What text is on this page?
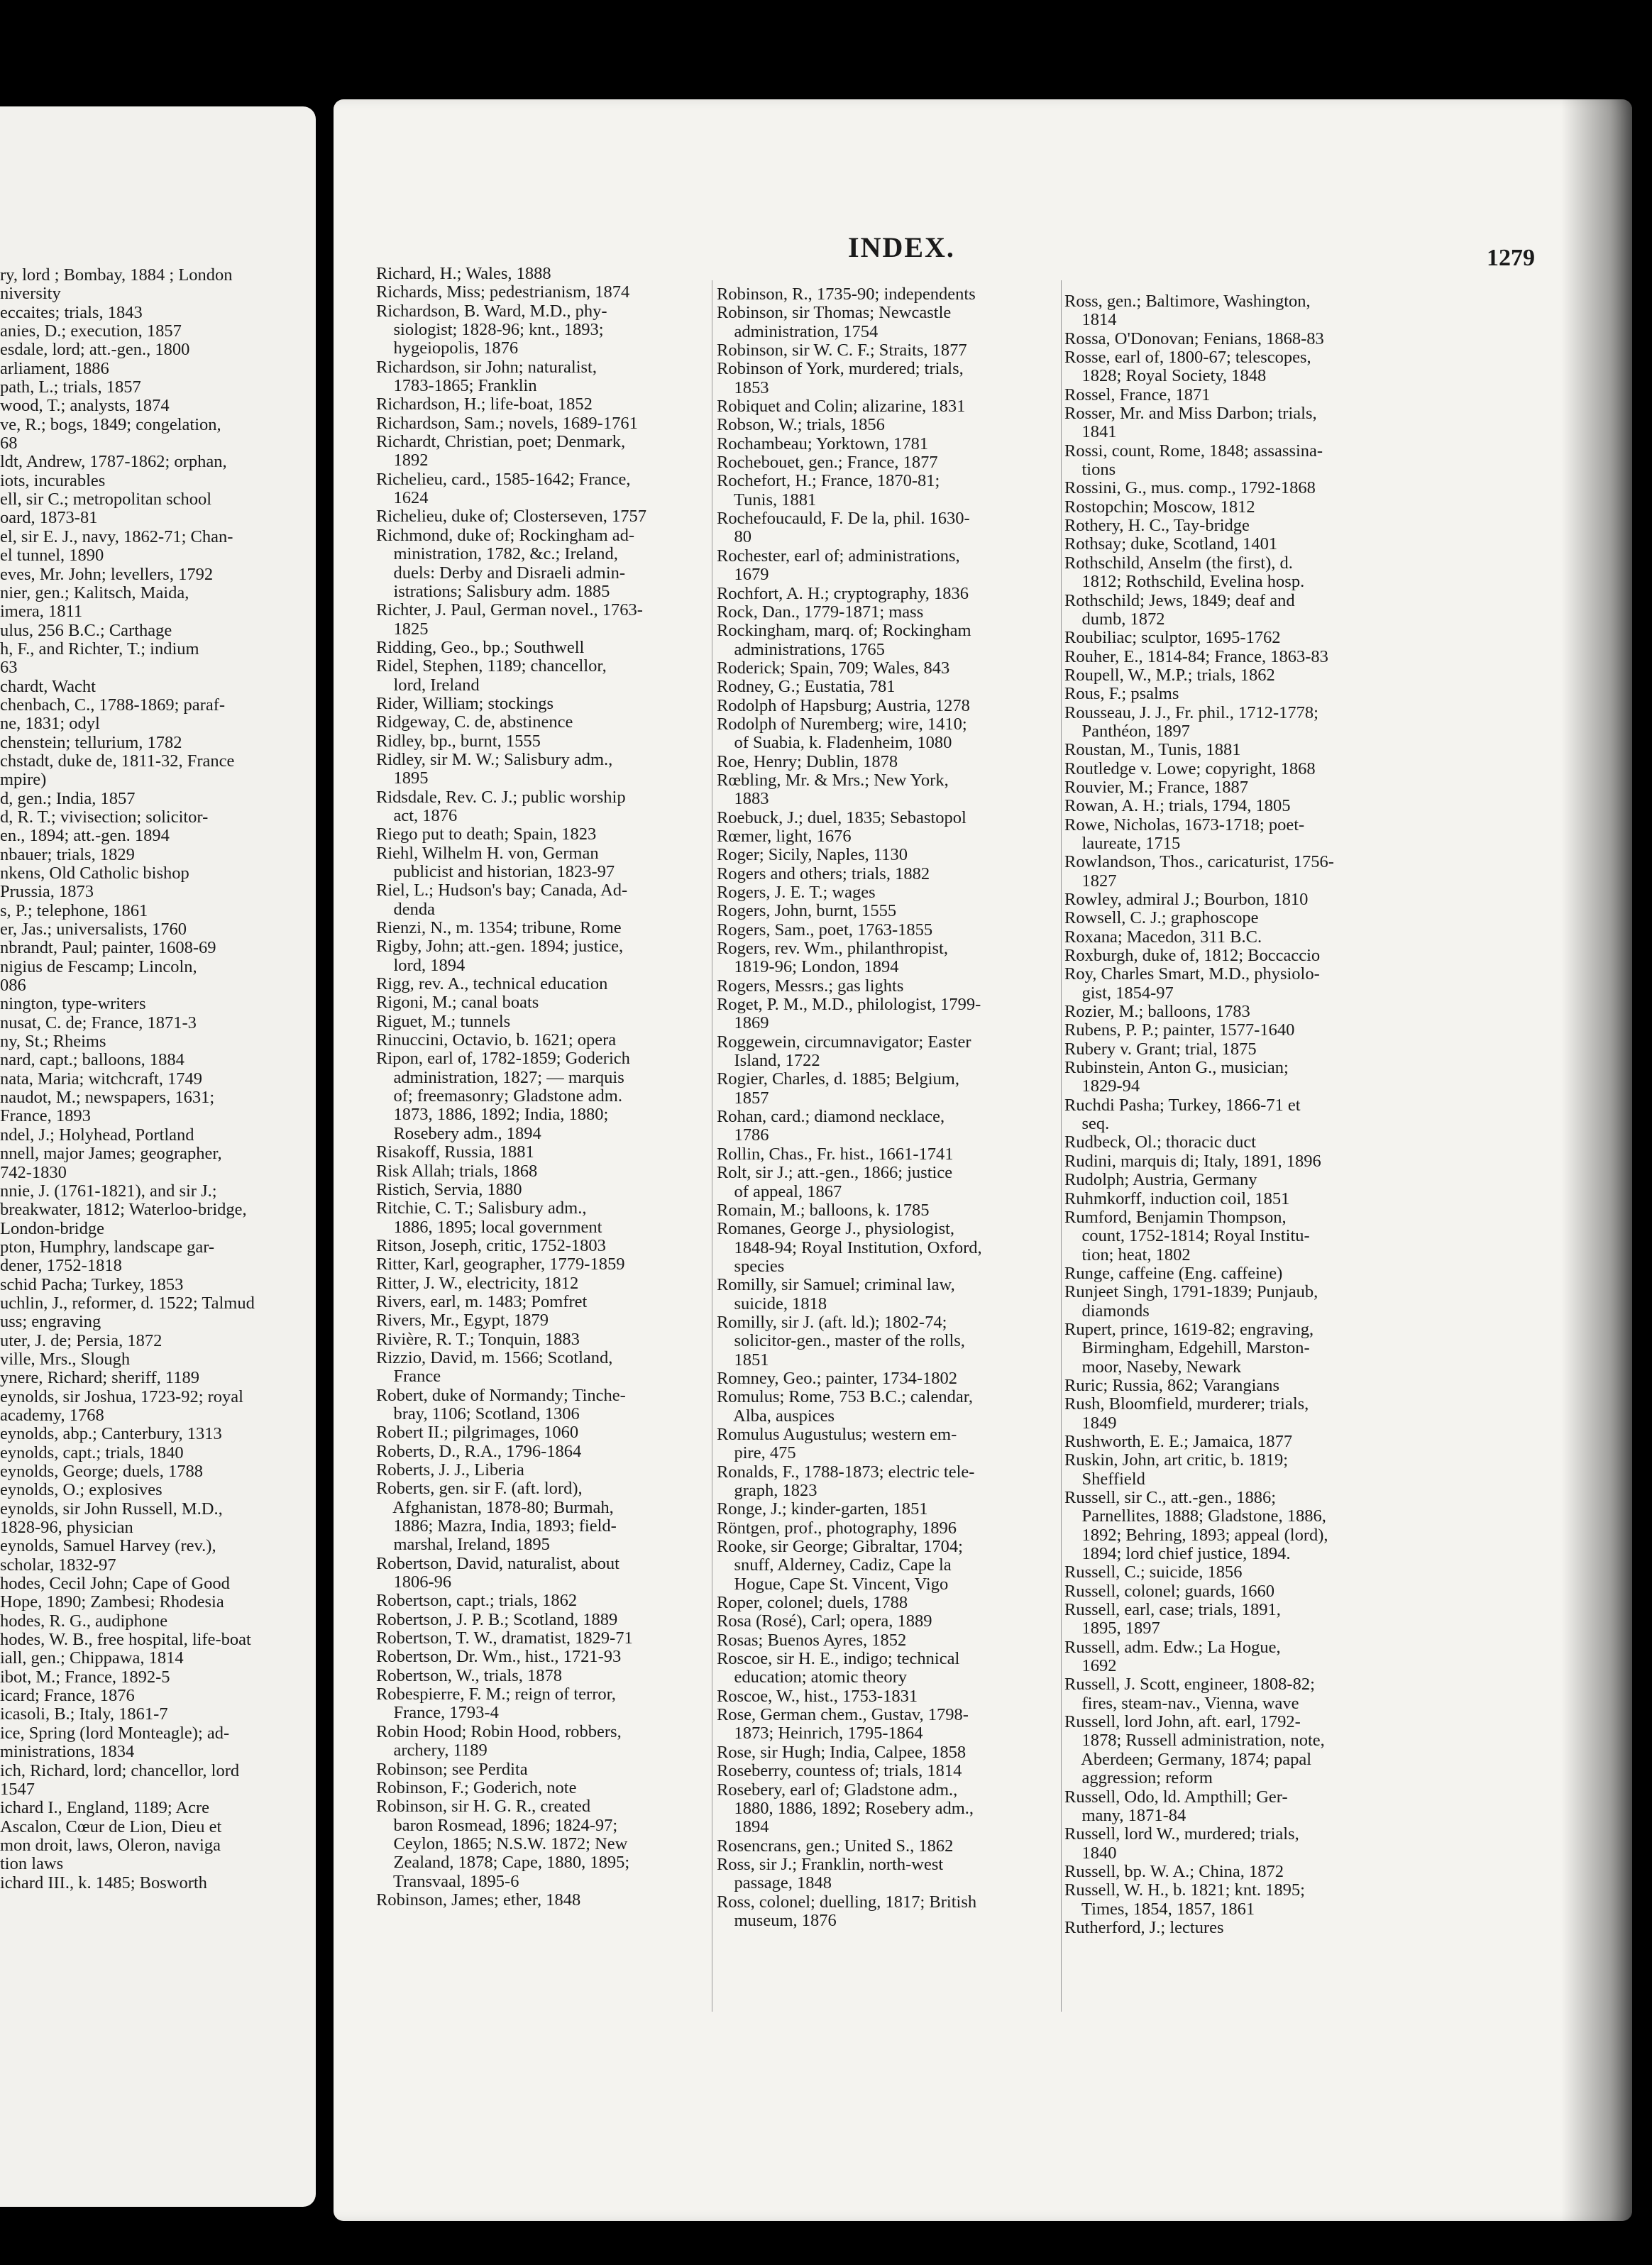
ry, lord ; Bombay, 1884 ; London
niversity
eccaites; trials, 1843
anies, D.; execution, 1857
esdale, lord; att.-gen., 1800
arliament, 1886
path, L.; trials, 1857
wood, T.; analysts, 1874
ve, R.; bogs, 1849; congelation,
68
ldt, Andrew, 1787-1862; orphan,
iots, incurables
ell, sir C.; metropolitan school
oard, 1873-81
el, sir E. J., navy, 1862-71; Chan-
el tunnel, 1890
eves, Mr. John; levellers, 1792
nier, gen.; Kalitsch, Maida,
imera, 1811
ulus, 256 B.C.; Carthage
h, F., and Richter, T.; indium
63
chardt, Wacht
chenbach, C., 1788-1869; paraf-
ne, 1831; odyl
chenstein; tellurium, 1782
chstadt, duke de, 1811-32, France
mpire)
d, gen.; India, 1857
d, R. T.; vivisection; solicitor-
en., 1894; att.-gen. 1894
nbauer; trials, 1829
nkens, Old Catholic bishop
Prussia, 1873
s, P.; telephone, 1861
er, Jas.; universalists, 1760
nbrandt, Paul; painter, 1608-69
nigius de Fescamp; Lincoln,
086
nington, type-writers
nusat, C. de; France, 1871-3
ny, St.; Rheims
nard, capt.; balloons, 1884
nata, Maria; witchcraft, 1749
naudot, M.; newspapers, 1631;
France, 1893
ndel, J.; Holyhead, Portland
nnell, major James; geographer,
742-1830
nnie, J. (1761-1821), and sir J.;
breakwater, 1812; Waterloo-bridge,
London-bridge
pton, Humphry, landscape gar-
dener, 1752-1818
schid Pacha; Turkey, 1853
uchlin, J., reformer, d. 1522; Talmud
uss; engraving
uter, J. de; Persia, 1872
ville, Mrs., Slough
ynere, Richard; sheriff, 1189
eynolds, sir Joshua, 1723-92; royal
academy, 1768
eynolds, abp.; Canterbury, 1313
eynolds, capt.; trials, 1840
eynolds, George; duels, 1788
eynolds, O.; explosives
eynolds, sir John Russell, M.D.,
1828-96, physician
eynolds, Samuel Harvey (rev.),
scholar, 1832-97
hodes, Cecil John; Cape of Good
Hope, 1890; Zambesi; Rhodesia
hodes, R. G., audiphone
hodes, W. B., free hospital, life-boat
iall, gen.; Chippawa, 1814
ibot, M.; France, 1892-5
icard; France, 1876
icasoli, B.; Italy, 1861-7
ice, Spring (lord Monteagle); ad-
ministrations, 1834
ich, Richard, lord; chancellor, lord
1547
ichard I., England, 1189; Acre
Ascalon, Cœur de Lion, Dieu et
mon droit, laws, Oleron, naviga
tion laws
ichard III., k. 1485; Bosworth
INDEX.	1279
Richard, H.; Wales, 1888
Richards, Miss; pedestrianism, 1874
Richardson, B. Ward, M.D., phy-
siologist; 1828-96; knt., 1893;
hygeiopolis, 1876
Richardson, sir John; naturalist,
1783-1865; Franklin
Richardson, H.; life-boat, 1852
Richardson, Sam.; novels, 1689-1761
Richardt, Christian, poet; Denmark,
1892
Richelieu, card., 1585-1642; France,
1624
Richelieu, duke of; Closterseven, 1757
Richmond, duke of; Rockingham ad-
ministration, 1782, &c.; Ireland,
duels: Derby and Disraeli admin-
istrations; Salisbury adm. 1885
Richter, J. Paul, German novel., 1763-
1825
Ridding, Geo., bp.; Southwell
Ridel, Stephen, 1189; chancellor,
lord, Ireland
Rider, William; stockings
Ridgeway, C. de, abstinence
Ridley, bp., burnt, 1555
Ridley, sir M. W.; Salisbury adm.,
1895
Ridsdale, Rev. C. J.; public worship
act, 1876
Riego put to death; Spain, 1823
Riehl, Wilhelm H. von, German
publicist and historian, 1823-97
Riel, L.; Hudson's bay; Canada, Ad-
denda
Rienzi, N., m. 1354; tribune, Rome
Rigby, John; att.-gen. 1894; justice,
lord, 1894
Rigg, rev. A., technical education
Rigoni, M.; canal boats
Riguet, M.; tunnels
Rinuccini, Octavio, b. 1621; opera
Ripon, earl of, 1782-1859; Goderich
administration, 1827; — marquis
of; freemasonry; Gladstone adm.
1873, 1886, 1892; India, 1880;
Rosebery adm., 1894
Risakoff, Russia, 1881
Risk Allah; trials, 1868
Ristich, Servia, 1880
Ritchie, C. T.; Salisbury adm.,
1886, 1895; local government
Ritson, Joseph, critic, 1752-1803
Ritter, Karl, geographer, 1779-1859
Ritter, J. W., electricity, 1812
Rivers, earl, m. 1483; Pomfret
Rivers, Mr., Egypt, 1879
Rivière, R. T.; Tonquin, 1883
Rizzio, David, m. 1566; Scotland,
France
Robert, duke of Normandy; Tinche-
bray, 1106; Scotland, 1306
Robert II.; pilgrimages, 1060
Roberts, D., R.A., 1796-1864
Roberts, J. J., Liberia
Roberts, gen. sir F. (aft. lord),
Afghanistan, 1878-80; Burmah,
1886; Mazra, India, 1893; field-
marshal, Ireland, 1895
Robertson, David, naturalist, about
1806-96
Robertson, capt.; trials, 1862
Robertson, J. P. B.; Scotland, 1889
Robertson, T. W., dramatist, 1829-71
Robertson, Dr. Wm., hist., 1721-93
Robertson, W., trials, 1878
Robespierre, F. M.; reign of terror,
France, 1793-4
Robin Hood; Robin Hood, robbers,
archery, 1189
Robinson; see Perdita
Robinson, F.; Goderich, note
Robinson, sir H. G. R., created
baron Rosmead, 1896; 1824-97;
Ceylon, 1865; N.S.W. 1872; New
Zealand, 1878; Cape, 1880, 1895;
Transvaal, 1895-6
Robinson, James; ether, 1848
Robinson, R., 1735-90; independents
Robinson, sir Thomas; Newcastle
administration, 1754
Robinson, sir W. C. F.; Straits, 1877
Robinson of York, murdered; trials,
1853
Robiquet and Colin; alizarine, 1831
Robson, W.; trials, 1856
Rochambeau; Yorktown, 1781
Rochebouet, gen.; France, 1877
Rochefort, H.; France, 1870-81;
Tunis, 1881
Rochefoucauld, F. De la, phil. 1630-
80
Rochester, earl of; administrations,
1679
Rochfort, A. H.; cryptography, 1836
Rock, Dan., 1779-1871; mass
Rockingham, marq. of; Rockingham
administrations, 1765
Roderick; Spain, 709; Wales, 843
Rodney, G.; Eustatia, 781
Rodolph of Hapsburg; Austria, 1278
Rodolph of Nuremberg; wire, 1410;
of Suabia, k. Fladenheim, 1080
Roe, Henry; Dublin, 1878
Rœbling, Mr. & Mrs.; New York,
1883
Roebuck, J.; duel, 1835; Sebastopol
Rœmer, light, 1676
Roger; Sicily, Naples, 1130
Rogers and others; trials, 1882
Rogers, J. E. T.; wages
Rogers, John, burnt, 1555
Rogers, Sam., poet, 1763-1855
Rogers, rev. Wm., philanthropist,
1819-96; London, 1894
Rogers, Messrs.; gas lights
Roget, P. M., M.D., philologist, 1799-
1869
Roggewein, circumnavigator; Easter
Island, 1722
Rogier, Charles, d. 1885; Belgium,
1857
Rohan, card.; diamond necklace,
1786
Rollin, Chas., Fr. hist., 1661-1741
Rolt, sir J.; att.-gen., 1866; justice
of appeal, 1867
Romain, M.; balloons, k. 1785
Romanes, George J., physiologist,
1848-94; Royal Institution, Oxford,
species
Romilly, sir Samuel; criminal law,
suicide, 1818
Romilly, sir J. (aft. ld.); 1802-74;
solicitor-gen., master of the rolls,
1851
Romney, Geo.; painter, 1734-1802
Romulus; Rome, 753 B.C.; calendar,
Alba, auspices
Romulus Augustulus; western em-
pire, 475
Ronalds, F., 1788-1873; electric tele-
graph, 1823
Ronge, J.; kinder-garten, 1851
Röntgen, prof., photography, 1896
Rooke, sir George; Gibraltar, 1704;
snuff, Alderney, Cadiz, Cape la
Hogue, Cape St. Vincent, Vigo
Roper, colonel; duels, 1788
Rosa (Rosé), Carl; opera, 1889
Rosas; Buenos Ayres, 1852
Roscoe, sir H. E., indigo; technical
education; atomic theory
Roscoe, W., hist., 1753-1831
Rose, German chem., Gustav, 1798-
1873; Heinrich, 1795-1864
Rose, sir Hugh; India, Calpee, 1858
Roseberry, countess of; trials, 1814
Rosebery, earl of; Gladstone adm.,
1880, 1886, 1892; Rosebery adm.,
1894
Rosencrans, gen.; United S., 1862
Ross, sir J.; Franklin, north-west
passage, 1848
Ross, colonel; duelling, 1817; British
museum, 1876
Ross, gen.; Baltimore, Washington,
1814
Rossa, O'Donovan; Fenians, 1868-83
Rosse, earl of, 1800-67; telescopes,
1828; Royal Society, 1848
Rossel, France, 1871
Rosser, Mr. and Miss Darbon; trials,
1841
Rossi, count, Rome, 1848; assassina-
tions
Rossini, G., mus. comp., 1792-1868
Rostopchin; Moscow, 1812
Rothery, H. C., Tay-bridge
Rothsay; duke, Scotland, 1401
Rothschild, Anselm (the first), d.
1812; Rothschild, Evelina hosp.
Rothschild; Jews, 1849; deaf and
dumb, 1872
Roubiliac; sculptor, 1695-1762
Rouher, E., 1814-84; France, 1863-83
Roupell, W., M.P.; trials, 1862
Rous, F.; psalms
Rousseau, J. J., Fr. phil., 1712-1778;
Panthéon, 1897
Roustan, M., Tunis, 1881
Routledge v. Lowe; copyright, 1868
Rouvier, M.; France, 1887
Rowan, A. H.; trials, 1794, 1805
Rowe, Nicholas, 1673-1718; poet-
laureate, 1715
Rowlandson, Thos., caricaturist, 1756-
1827
Rowley, admiral J.; Bourbon, 1810
Rowsell, C. J.; graphoscope
Roxana; Macedon, 311 B.C.
Roxburgh, duke of, 1812; Boccaccio
Roy, Charles Smart, M.D., physiolo-
gist, 1854-97
Rozier, M.; balloons, 1783
Rubens, P. P.; painter, 1577-1640
Rubery v. Grant; trial, 1875
Rubinstein, Anton G., musician;
1829-94
Ruchdi Pasha; Turkey, 1866-71 et
seq.
Rudbeck, Ol.; thoracic duct
Rudini, marquis di; Italy, 1891, 1896
Rudolph; Austria, Germany
Ruhmkorff, induction coil, 1851
Rumford, Benjamin Thompson,
count, 1752-1814; Royal Institu-
tion; heat, 1802
Runge, caffeine (Eng. caffeine)
Runjeet Singh, 1791-1839; Punjaub,
diamonds
Rupert, prince, 1619-82; engraving,
Birmingham, Edgehill, Marston-
moor, Naseby, Newark
Ruric; Russia, 862; Varangians
Rush, Bloomfield, murderer; trials,
1849
Rushworth, E. E.; Jamaica, 1877
Ruskin, John, art critic, b. 1819;
Sheffield
Russell, sir C., att.-gen., 1886;
Parnellites, 1888; Gladstone, 1886,
1892; Behring, 1893; appeal (lord),
1894; lord chief justice, 1894.
Russell, C.; suicide, 1856
Russell, colonel; guards, 1660
Russell, earl, case; trials, 1891,
1895, 1897
Russell, adm. Edw.; La Hogue,
1692
Russell, J. Scott, engineer, 1808-82;
fires, steam-nav., Vienna, wave
Russell, lord John, aft. earl, 1792-
1878; Russell administration, note,
Aberdeen; Germany, 1874; papal
aggression; reform
Russell, Odo, ld. Ampthill; Ger-
many, 1871-84
Russell, lord W., murdered; trials,
1840
Russell, bp. W. A.; China, 1872
Russell, W. H., b. 1821; knt. 1895;
Times, 1854, 1857, 1861
Rutherford, J.; lectures
